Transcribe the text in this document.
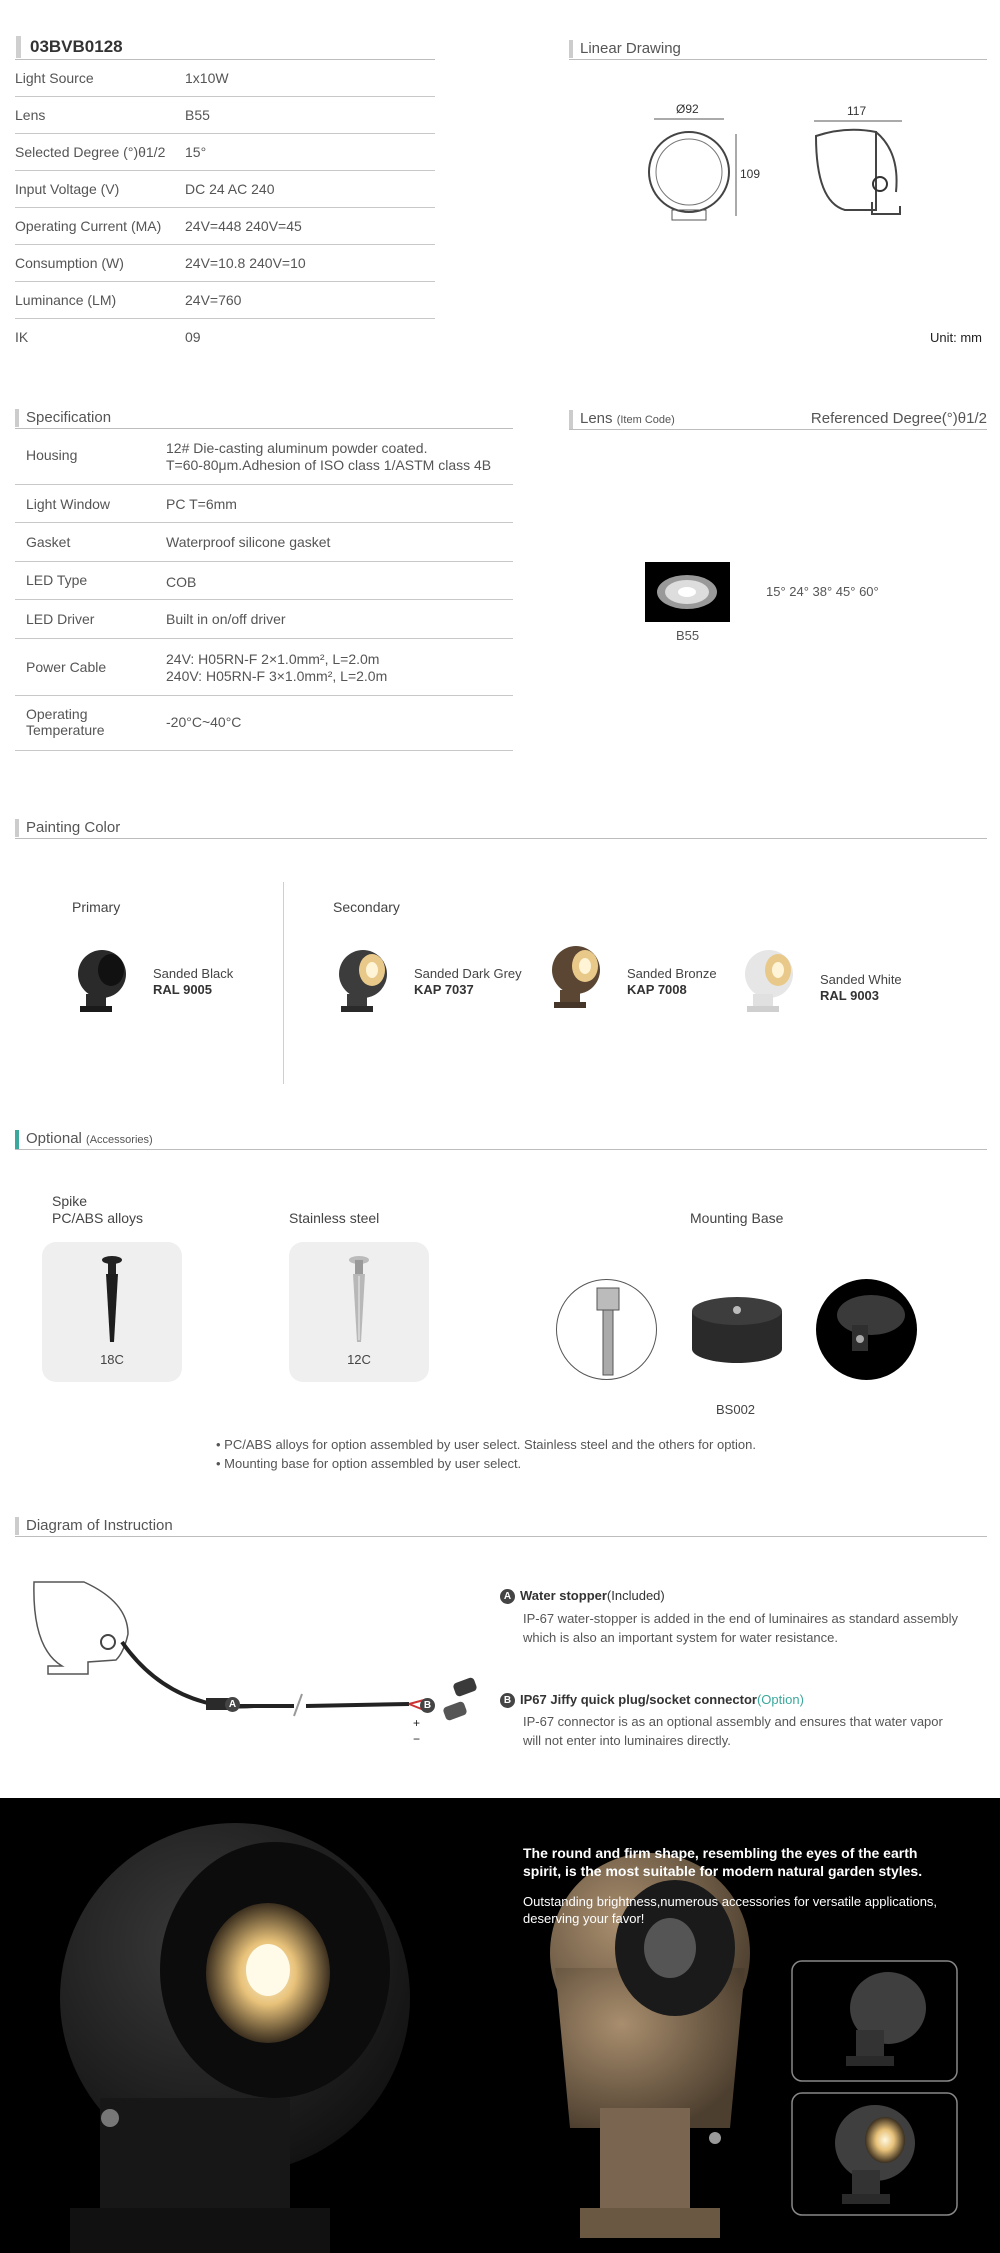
03BVB0128
Light Source	1x10W
Lens	B55
Selected Degree (°)θ1/2 15°
Input Voltage (V)	DC 24 AC 240
Operating Current (MA) 24V=448 240V=45
Consumption (W)	24V=10.8 240V=10
Luminance (LM)	24V=760
IK	09
Linear Drawing
Ø92	117
109
Unit: mm
Specification
Housing	12# Die-casting aluminum powder coated.
T=60-80μm.Adhesion of ISO class 1/ASTM class 4B
Light Window	PC T=6mm
Gasket	Waterproof silicone gasket
LED Type	COB
LED Driver	Built in on/off driver
Power Cable	24V: H05RN-F 2×1.0mm², L=2.0m
240V: H05RN-F 3×1.0mm², L=2.0m
Operating
Temperature	-20°C~40°C
Lens (Item Code)	Referenced Degree(°)θ1/2
B55
15° 24° 38° 45° 60°
Painting Color
Primary	Secondary
Sanded Black
RAL 9005
Sanded Dark Grey
KAP 7037
Sanded Bronze
KAP 7008
Sanded White
RAL 9003
Optional (Accessories)
Spike
PC/ABS alloys
18C
Stainless steel
12C
Mounting Base
BS002
• PC/ABS alloys for option assembled by user select. Stainless steel and the others for option.
• Mounting base for option assembled by user select.
Diagram of Instruction
A	B
+
−
A Water stopper(Included)
IP-67 water-stopper is added in the end of luminaires as standard assembly
which is also an important system for water resistance.
B IP67 Jiffy quick plug/socket connector(Option)
IP-67 connector is as an optional assembly and ensures that water vapor
will not enter into luminaires directly.
The round and firm shape, resembling the eyes of the earth
spirit, is the most suitable for modern natural garden styles.
Outstanding brightness,numerous accessories for versatile applications,
deserving your favor!
